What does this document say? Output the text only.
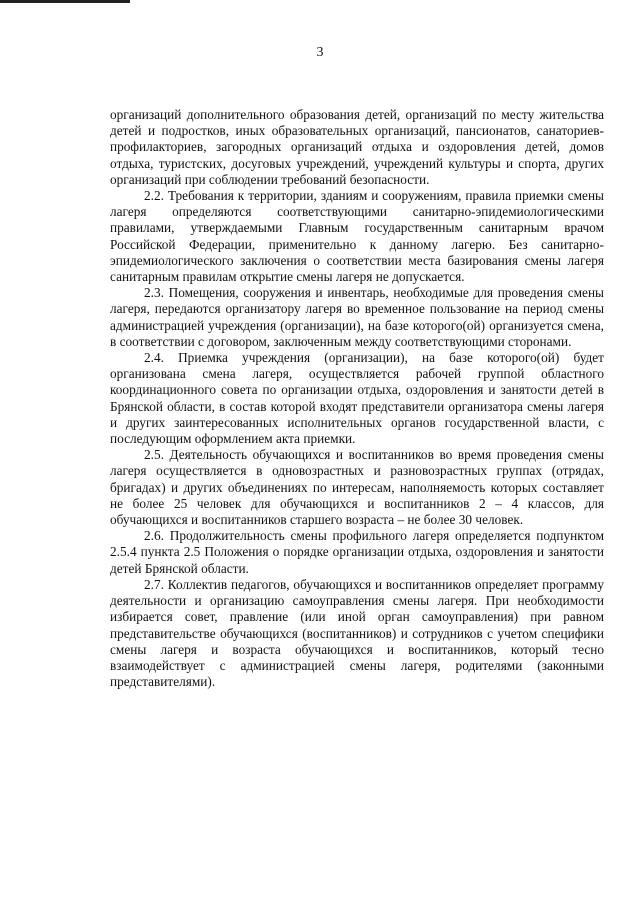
3

организаций дополнительного образования детей, организаций по месту жительства детей и подростков, иных образовательных организаций, пансионатов, санаториев-профилакториев, загородных организаций отдыха и оздоровления детей, домов отдыха, туристских, досуговых учреждений, учреждений культуры и спорта, других организаций при соблюдении требований безопасности.

2.2. Требования к территории, зданиям и сооружениям, правила приемки смены лагеря определяются соответствующими санитарно-эпидемиологическими правилами, утверждаемыми Главным государственным санитарным врачом Российской Федерации, применительно к данному лагерю. Без санитарно-эпидемиологического заключения о соответствии места базирования смены лагеря санитарным правилам открытие смены лагеря не допускается.

2.3. Помещения, сооружения и инвентарь, необходимые для проведения смены лагеря, передаются организатору лагеря во временное пользование на период смены администрацией учреждения (организации), на базе которого(ой) организуется смена, в соответствии с договором, заключенным между соответствующими сторонами.

2.4. Приемка учреждения (организации), на базе которого(ой) будет организована смена лагеря, осуществляется рабочей группой областного координационного совета по организации отдыха, оздоровления и занятости детей в Брянской области, в состав которой входят представители организатора смены лагеря и других заинтересованных исполнительных органов государственной власти, с последующим оформлением акта приемки.

2.5. Деятельность обучающихся и воспитанников во время проведения смены лагеря осуществляется в одновозрастных и разновозрастных группах (отрядах, бригадах) и других объединениях по интересам, наполняемость которых составляет не более 25 человек для обучающихся и воспитанников 2 – 4 классов, для обучающихся и воспитанников старшего возраста – не более 30 человек.

2.6. Продолжительность смены профильного лагеря определяется подпунктом 2.5.4 пункта 2.5 Положения о порядке организации отдыха, оздоровления и занятости детей Брянской области.

2.7. Коллектив педагогов, обучающихся и воспитанников определяет программу деятельности и организацию самоуправления смены лагеря. При необходимости избирается совет, правление (или иной орган самоуправления) при равном представительстве обучающихся (воспитанников) и сотрудников с учетом специфики смены лагеря и возраста обучающихся и воспитанников, который тесно взаимодействует с администрацией смены лагеря, родителями (законными представителями).
